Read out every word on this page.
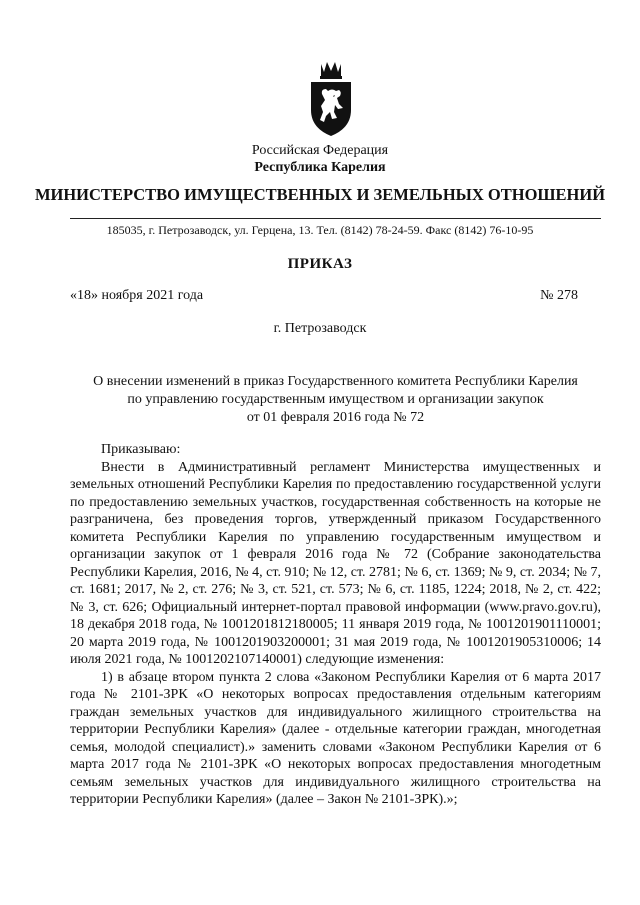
Российская Федерация
Республика Карелия
МИНИСТЕРСТВО ИМУЩЕСТВЕННЫХ И ЗЕМЕЛЬНЫХ ОТНОШЕНИЙ
185035, г. Петрозаводск, ул. Герцена, 13. Тел. (8142) 78-24-59. Факс (8142) 76-10-95
ПРИКАЗ
«18» ноября 2021 года	№ 278
г. Петрозаводск
О внесении изменений в приказ Государственного комитета Республики Карелия
по управлению государственным имуществом и организации закупок
от 01 февраля 2016 года № 72
Приказываю:

Внести в Административный регламент Министерства имущественных и земельных отношений Республики Карелия по предоставлению государственной услуги по предоставлению земельных участков, государственная собственность на которые не разграничена, без проведения торгов, утвержденный приказом Государственного комитета Республики Карелия по управлению государственным имуществом и организации закупок от 1 февраля 2016 года № 72 (Собрание законодательства Республики Карелия, 2016, № 4, ст. 910; № 12, ст. 2781; № 6, ст. 1369; № 9, ст. 2034; № 7, ст. 1681; 2017, № 2, ст. 276; № 3, ст. 521, ст. 573; № 6, ст. 1185, 1224; 2018, № 2, ст. 422; № 3, ст. 626; Официальный интернет-портал правовой информации (www.pravo.gov.ru), 18 декабря 2018 года, № 1001201812180005; 11 января 2019 года, № 1001201901110001; 20 марта 2019 года, № 1001201903200001; 31 мая 2019 года, № 1001201905310006; 14 июля 2021 года, № 1001202107140001) следующие изменения:

1) в абзаце втором пункта 2 слова «Законом Республики Карелия от 6 марта 2017 года № 2101-ЗРК «О некоторых вопросах предоставления отдельным категориям граждан земельных участков для индивидуального жилищного строительства на территории Республики Карелия» (далее - отдельные категории граждан, многодетная семья, молодой специалист).» заменить словами «Законом Республики Карелия от 6 марта 2017 года № 2101-ЗРК «О некоторых вопросах предоставления многодетным семьям земельных участков для индивидуального жилищного строительства на территории Республики Карелия» (далее – Закон № 2101-ЗРК).»;
